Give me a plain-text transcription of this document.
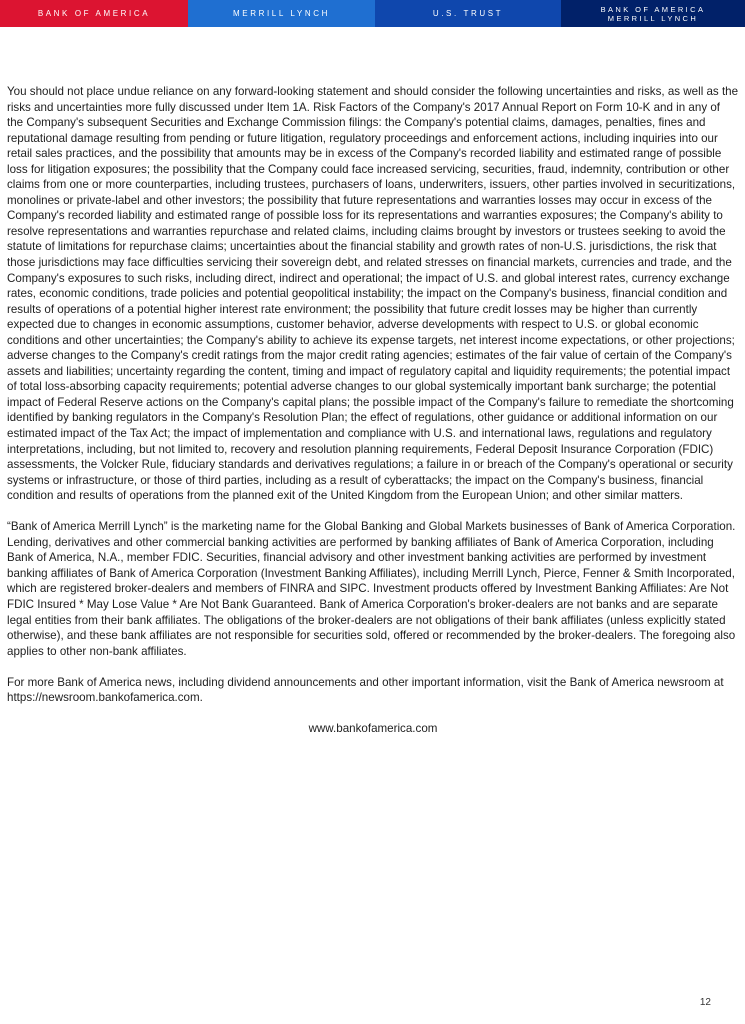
BANK OF AMERICA	MERRILL LYNCH	U.S. TRUST	BANK OF AMERICA
MERRILL LYNCH

You should not place undue reliance on any forward-looking statement and should consider the following uncertainties and risks, as well as the risks and uncertainties more fully discussed under Item 1A. Risk Factors of the Company's 2017 Annual Report on Form 10-K and in any of the Company's subsequent Securities and Exchange Commission filings: the Company's potential claims, damages, penalties, fines and reputational damage resulting from pending or future litigation, regulatory proceedings and enforcement actions, including inquiries into our retail sales practices, and the possibility that amounts may be in excess of the Company's recorded liability and estimated range of possible loss for litigation exposures; the possibility that the Company could face increased servicing, securities, fraud, indemnity, contribution or other claims from one or more counterparties, including trustees, purchasers of loans, underwriters, issuers, other parties involved in securitizations, monolines or private-label and other investors; the possibility that future representations and warranties losses may occur in excess of the Company's recorded liability and estimated range of possible loss for its representations and warranties exposures; the Company's ability to resolve representations and warranties repurchase and related claims, including claims brought by investors or trustees seeking to avoid the statute of limitations for repurchase claims; uncertainties about the financial stability and growth rates of non-U.S. jurisdictions, the risk that those jurisdictions may face difficulties servicing their sovereign debt, and related stresses on financial markets, currencies and trade, and the Company's exposures to such risks, including direct, indirect and operational; the impact of U.S. and global interest rates, currency exchange rates, economic conditions, trade policies and potential geopolitical instability; the impact on the Company's business, financial condition and results of operations of a potential higher interest rate environment; the possibility that future credit losses may be higher than currently expected due to changes in economic assumptions, customer behavior, adverse developments with respect to U.S. or global economic conditions and other uncertainties; the Company's ability to achieve its expense targets, net interest income expectations, or other projections; adverse changes to the Company's credit ratings from the major credit rating agencies; estimates of the fair value of certain of the Company's assets and liabilities; uncertainty regarding the content, timing and impact of regulatory capital and liquidity requirements; the potential impact of total loss-absorbing capacity requirements; potential adverse changes to our global systemically important bank surcharge; the potential impact of Federal Reserve actions on the Company's capital plans; the possible impact of the Company's failure to remediate the shortcoming identified by banking regulators in the Company's Resolution Plan; the effect of regulations, other guidance or additional information on our estimated impact of the Tax Act; the impact of implementation and compliance with U.S. and international laws, regulations and regulatory interpretations, including, but not limited to, recovery and resolution planning requirements, Federal Deposit Insurance Corporation (FDIC) assessments, the Volcker Rule, fiduciary standards and derivatives regulations; a failure in or breach of the Company's operational or security systems or infrastructure, or those of third parties, including as a result of cyberattacks; the impact on the Company's business, financial condition and results of operations from the planned exit of the United Kingdom from the European Union; and other similar matters.

“Bank of America Merrill Lynch” is the marketing name for the Global Banking and Global Markets businesses of Bank of America Corporation. Lending, derivatives and other commercial banking activities are performed by banking affiliates of Bank of America Corporation, including Bank of America, N.A., member FDIC. Securities, financial advisory and other investment banking activities are performed by investment banking affiliates of Bank of America Corporation (Investment Banking Affiliates), including Merrill Lynch, Pierce, Fenner & Smith Incorporated, which are registered broker-dealers and members of FINRA and SIPC. Investment products offered by Investment Banking Affiliates: Are Not FDIC Insured * May Lose Value * Are Not Bank Guaranteed. Bank of America Corporation's broker-dealers are not banks and are separate legal entities from their bank affiliates. The obligations of the broker-dealers are not obligations of their bank affiliates (unless explicitly stated otherwise), and these bank affiliates are not responsible for securities sold, offered or recommended by the broker-dealers. The foregoing also applies to other non-bank affiliates.

For more Bank of America news, including dividend announcements and other important information, visit the Bank of America newsroom at https://newsroom.bankofamerica.com.

www.bankofamerica.com
12
